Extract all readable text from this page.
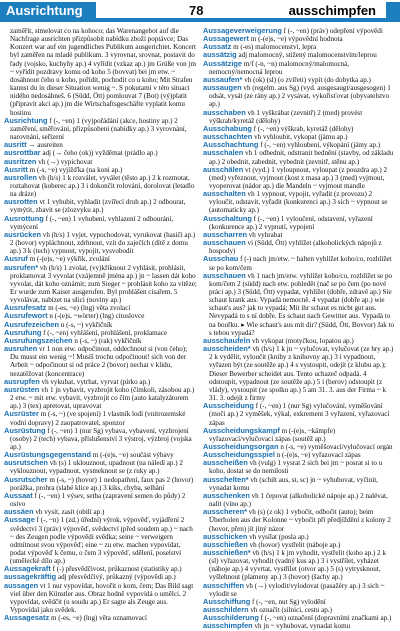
Ausrichtung	78	ausschimpfen

zaměřit, stmelovat co na kohoco; das Warenangebot auf die Nachfrage ausrichten přizpůsobit nabídku zboží poptávce; Das Konzert war auf ein jugendliches Publikum ausgerichtet. Koncert byl zaměřen na mladé publikum. 3 vyrovnat, srovnat, postavit do řady (vojsko, kuchyňy ap.) 4 vyřídit (vzkaz ap.) jm Grüße von jm ~ vyřídit pozdravy komu od koho 5 (bovvat) bei jm etw. ~ dosáhnout čeho u koho, pořídit, pochodit co u koho; Mit Strafen kannst du in dieser Situation wenig ~. S pokutami v této situaci nidého nedosáhneš. 6 (Südd, Ött) pomlouvat 7 (Bot) (vý)platit (připravit akci ap.) jm die Wirtschaftsgeschäfte vyplatit komu hostinu

Ausrichtung f (-, ~en) 1 (vy)pořádání (akce, hostiny ap.) 2 zaměření, směřování, přizpůsobení (nabídky ap.) 3 vyrovnání, narovnání, seřízení

ausritt → ausreiten

ausrottbar adj (→ čeho (ok)) vyžděmat (prádlo ap.)

ausritzen vh (→) vypichovat

Ausritt m (-s, ~e) vyjížďka (na koni ap.)

ausrollen vh (h/s) 1 k rozválet, vyválet (těsto ap.) 2 k rozmotat, roztahovat (koberec ap.) 3 i dokončit rolování, dorolovat (letadlo na dráze)

ausrotten vt 1 vyhubit, vyhladit (zvířecí druh ap.) 2 odbourat, vymýtit, zbavit se (zlozvyku ap.)

Ausrottung f (-, ~en) 1 vyhubení, vyhlazení 2 odbourání, vymýcení

ausrücken vh (h/s) 1 vyjet, vypochodovat, vyrukovat (hasiči ap.) 2 (hovor) vypláchnout, zdrhnout, vzít do zaječích (dítě z domu ap.) 3 k (tech) vypnout, vypojit, vysvobodit

Ausruf m (-(e)s, ~e) výkřik, zvolání

ausrufen* vh (h/s) 1 zvolat, (vy)křiknout 2 vyhlásit, prohlásit, proklamovat 3 vyvolat (vzájemně jména ap.) jn ~ lassen dát koho vyvolat, dát koho oznámit; zum Sieger ~ prohlásit koho za vítěze; Er wurde zum Kaiser ausgerufen. Byl prohlášen císařem. 5 vyvolávat, nabízet na ulici (noviny ap.)

Ausrufesatz m (-es, ~e) (lng) věta zvolací

Ausrufewort n (-(e)s, ~wörter) (lng) citoslovce

Ausrufezeichen n (-s, ~) vykřičník

Ausrufung f (-, ~en) vyhlášení, prohlášení, proklamace

Ausrufungszeichen n (-s, ~) (rak) vykřičník

ausruhen vr 1 non etw. odpočinout, oddechnout si (von čeho); Du musst ein wenig ~! Musíš trochu odpočinout! sich von der Arbeit ~ odpočinout si od práce 2 (bovor) nechat v klidu, nezatěžovat (koncentrace)

ausrupfen vh vykubat, vytrhat, vyrvat (pírko ap.)

ausrüsten vh 1 jn vybavit, vyzbrojit koho (čímkoli, zásobou ap.) 2 etw. ~ mit etw. vybavit, vyzbrojit co čím (auto katalyzátorem ap.) 3 (tex) apretovat, upravovat

Ausrüster m (-s, ~) (ve spojení) 1 vlastník lodí (vnitrozemské vodní dopravy) 2 zaopatrovatel, sponzor

Ausrüstung f (-, ~en) 1 (nur Sg) vybava, vybavení, vyzbrojení (osoby) 2 (tech) vybava, příslušenství 3 výstroj, výzbroj (vojska ap.)

Ausrüstungsgegenstand m (-(e)s, ~e) součást výbavy

ausrutschen vh (s) 1 uklouznout, upadnout (na náledí ap.) 2 vyklouznout, vypadnout, vysmeknout se (z ruky ap.)

Ausrutscher m (-s, ~) (hovor) 1 nedopatření, faux pas 2 (hovor) porážka, prohra (slabé klice ap.) 3 kiks, chyba, selhání

Aussaat f (-, ~en) 1 výsev, setba (zapravení semen do půdy) 2 osivo

aussäen vh vysít, zasít (obilí ap.)

Aussage f (-, ~n) 1 (zd.) úřední) výrok, výpověď, vyjádření 2 svědectví 3 (práv) výpověď, svědectví (před soudem ap.) ~ nach ~ des Zeugen podle výpovědi svědka; seine ~ verweigern odmítnout svou výpověď; eine ~ zu etw. machen vypovídat, podat výpověď k čemu, o čem 3 výpověď, sdělení, poselství (umělecké dílo ap.)

Aussagekraft f (-) přesvědčivost, průkaznost (statistiky ap.)

aussagekräftig adj přesvědčivý, průkazný (výpovědi ap.)

aussagen vt 1 nur vypovídat, hovořit o kom, čem; Das Bild sagt viel über den Künstler aus. Obraz hodně vypovídá o umělci. 2 vypovídat, svědčit (u soudu ap.) Er sagte als Zeuge aus. Vypovídal jako svědek.

Aussagesatz m (-es, ~e) (lng) věta oznamovací

Aussageverweigerung f (-, ~en) (práv) odepření výpovědi

Aussagewert m (-(e)s, ~e) výpovědní hodnota

Aussatz m (-es) malomocenství, lepra

aussätzig adj malomocný, stižený malomocenstvím/leprou

Aussätzige m/f (-n, ~n) malomocný/malomocná, nemocný/nemocná leprou

aussaufen* vh (ok) (sl) (o zvířeti) vypít (do dobytka ap.)

aussaugen vh (regelm. aus Sg) (vyd. ausgesaugt/ausgesogen) 1 odsát, vysát (ze rány ap.) 2 vysávat, vykořisťovat (obyvatelstvo ap.)

ausschaben vh 1 vyškrábat (zevnitř) 2 (med) provést výškrab/kyretáž (dělohy)

Ausschabung f (-, ~en) výškrab, kyretáž (dělohy)

ausschachten vh vyhloubit, vykopat (jámu ap.)

Ausschachtung f (-, ~en) vyhloubení, výkopání (jámy ap.)

ausschalen vh 1 odbednit, odstranit bednění (stavby, od základu ap.) 2 obednit, zabednit, vybednit (zevnitř, stěnu ap.)

ausschälen vt (vyd.) 1 vyloupnout, vyloupat (z pouzdra ap.) 2 (med) vyřeznout, vyjmout (kost z masa ap.) 3 (med) vyjmout, vyoperovat (nádor ap.) die Mandeln ~ vyjmout mandle

ausschalten vh 1 vypnout, vypojit, vyřadit (z provozu) 2 vyloučit, odstavit, vyřadit (konkurenci ap.) 3 sich ~ vypnout se (automaticky ap.)

Ausschaltung f (-, ~en) 1 vyloučení, odstavení, vyřazení (konkurence ap.) 2 vypnutí, vypojení

ausscharren vh vyhrabat

ausschauen vi (Südd, Ött) vyhlížet (alkoholických nápojů z hospody)

Ausschau f (-) nach jm/etw. ~ halten vyhlížet koho/co, rozhlížet se po kom/čem

ausschauen vh 1 nach jm/etw. vyhlížet koho/co, rozhlížet se po kom/čem 2 (südd) nach etw. pohledět (nač se po čem (po nové práci ap.) 3 (Südd, Ött) vypadat, vyhlížet (dobře, zdravě ap.) Sie schaut krank aus. Vypadá nemocně. 4 vypadat (dobře ap.) wie schaut's aus? jak to vypadá; Mit ihr schaut es nicht gut aus. Nevypadá to s ní dobře. Es schaut nach Gewitter aus. Vypadá to na bouřku. ▸ Wie schaut's aus mit dir? (Südd, Ött, Bovvor) Jak to s tebou vypadá?

ausschaufeln vh vykopat (motyčkou, lopatou ap.)

ausscheiden* vh (h/s) 1 k jn ~ vylučovat, vylučovat (ze hry ap.) 2 k vydělit, vyloučit (knihy z knihovny ap.) 3 i vypadnout, vyřazen být (ze soutěže ap.) 4 s vystoupit, odejít (z klubu ap.); Dieser Bewerber scheidet aus. Tento uchazeč odpadá. 4 odstoupit, vypadnout (ze soutěže ap.) 5 i (berov) odstoupit (z vlády), vystoupit (ze spolku ap.) 5 am 31. 3. aus der Firma ~ k 31. 3. odejít z firmy

Ausscheidung f (-, ~en) 1 (nur Sg) vylučování, vyměšování (moči ap.) 2 vyměšek, výkal, exkrement 3 vyřazení, vyřazovací zápas

Ausscheidungskampf m (-(e)s, ~kämpfe) vyřazovací/vylučovací zápas (soutěž ap.)

Ausscheidungsorgan n (-s, ~e) vyměšovací/vylučovací orgán

Ausscheidungsspiel n (-(e)s, ~e) vyřazovací zápas

ausscheißen vh (vulg) 1 vysrat 2 sich bei jm ~ posrat si to u koho, dostat se do nemilosti

ausschelten* vh (schilt aus, st, sc) jn ~ vyhubovat, vyčinit, vynadat komu

ausschenken vh 1 čepovat (alkoholické nápoje ap.) 2 nalévat, nalít (víno ap.)

ausscheren* vh (s) (z ok) 1 vybočit, odbočit (auto); beim Überholen aus der Kolonne ~ vybočit při předjíždění z kolony 2 (hovor, přen) jít jiný názor

ausschicken vh vysílat (posla ap.)

ausschießen vh (hovor) vystřelit (náboje ap.)

ausschießen* vh (h/s) 1 k jm vyhodit, vystřelit (koho ap.) 2 k (sl) vyřazovat, vyhodit (vadný kus ap.) 3 i vystřílet, vyházet (náboje ap.) 4 vyvrtat, vystřílet (otvor ap.) 5 (s) vytrysknout, vyšlehnout (plameny ap.) 3 (hovor) (šachy ap.)

ausschiffen vh (→) vylodit/vylodovat (pasažéry ap.) 3 sich ~ vylodit se

Ausschiffung f (-, ~en, nut Sg) vylodění

ausschildern vh označit (silnici, cestu ap.)

Ausschilderung f (-, ~en) označení (dopravními značkami ap.)

ausschimpfen vh jn ~ vyhubovat, vynadat komu
